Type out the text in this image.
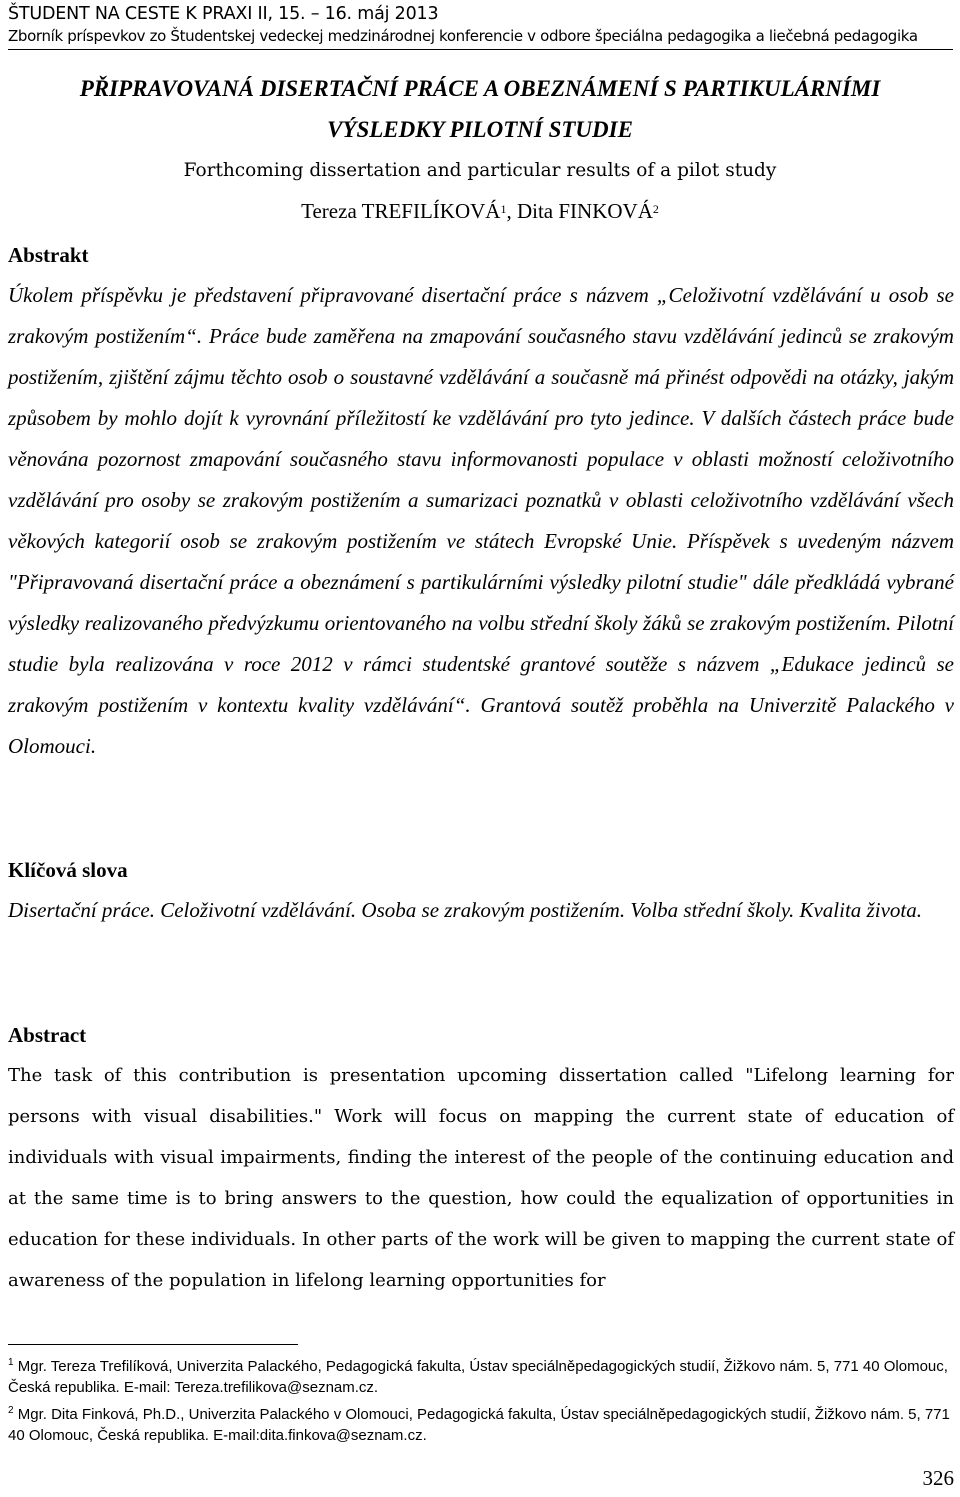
ŠTUDENT NA CESTE K PRAXI II, 15. – 16. máj 2013
Zborník príspevkov zo Študentskej vedeckej medzinárodnej konferencie v odbore špeciálna pedagogika a liečebná pedagogika
PŘIPRAVOVANÁ DISERTAČNÍ PRÁCE A OBEZNÁMENÍ S PARTIKULÁRNÍMI
VÝSLEDKY PILOTNÍ STUDIE
Forthcoming dissertation and particular results of a pilot study
Tereza TREFILÍKOVÁ$^1$, Dita FINKOVÁ$^2$
Abstrakt

Úkolem příspěvku je představení připravované disertační práce s názvem „Celoživotní vzdělávání u osob se zrakovým postižením“. Práce bude zaměřena na zmapování současného stavu vzdělávání jedinců se zrakovým postižením, zjištění zájmu těchto osob o soustavné vzdělávání a současně má přinést odpovědi na otázky, jakým způsobem by mohlo dojít k vyrovnání příležitostí ke vzdělávání pro tyto jedince. V dalších částech práce bude věnována pozornost zmapování současného stavu informovanosti populace v oblasti možností celoživotního vzdělávání pro osoby se zrakovým postižením a sumarizaci poznatků v oblasti celoživotního vzdělávání všech věkových kategorií osob se zrakovým postižením ve státech Evropské Unie. Příspěvek s uvedeným názvem "Připravovaná disertační práce a obeznámení s partikulárními výsledky pilotní studie" dále předkládá vybrané výsledky realizovaného předvýzkumu orientovaného na volbu střední školy žáků se zrakovým postižením. Pilotní studie byla realizována v roce 2012 v rámci studentské grantové soutěže s názvem „Edukace jedinců se zrakovým postižením v kontextu kvality vzdělávání“. Grantová soutěž proběhla na Univerzitě Palackého v Olomouci.

Klíčová slova

Disertační práce. Celoživotní vzdělávání. Osoba se zrakovým postižením. Volba střední školy. Kvalita života.

Abstract

The task of this contribution is presentation upcoming dissertation called "Lifelong learning for persons with visual disabilities." Work will focus on mapping the current state of education of individuals with visual impairments, finding the interest of the people of the continuing education and at the same time is to bring answers to the question, how could the equalization of opportunities in education for these individuals. In other parts of the work will be given to mapping the current state of awareness of the population in lifelong learning opportunities for

$^1$ Mgr. Tereza Trefilíková, Univerzita Palackého, Pedagogická fakulta, Ústav speciálněpedagogických studií, Žižkovo nám. 5, 771 40 Olomouc, Česká republika. E-mail: Tereza.trefilikova@seznam.cz.

$^2$ Mgr. Dita Finková, Ph.D., Univerzita Palackého v Olomouci, Pedagogická fakulta, Ústav speciálněpedagogických studií, Žižkovo nám. 5, 771 40 Olomouc, Česká republika. E-mail:dita.finkova@seznam.cz.

326
